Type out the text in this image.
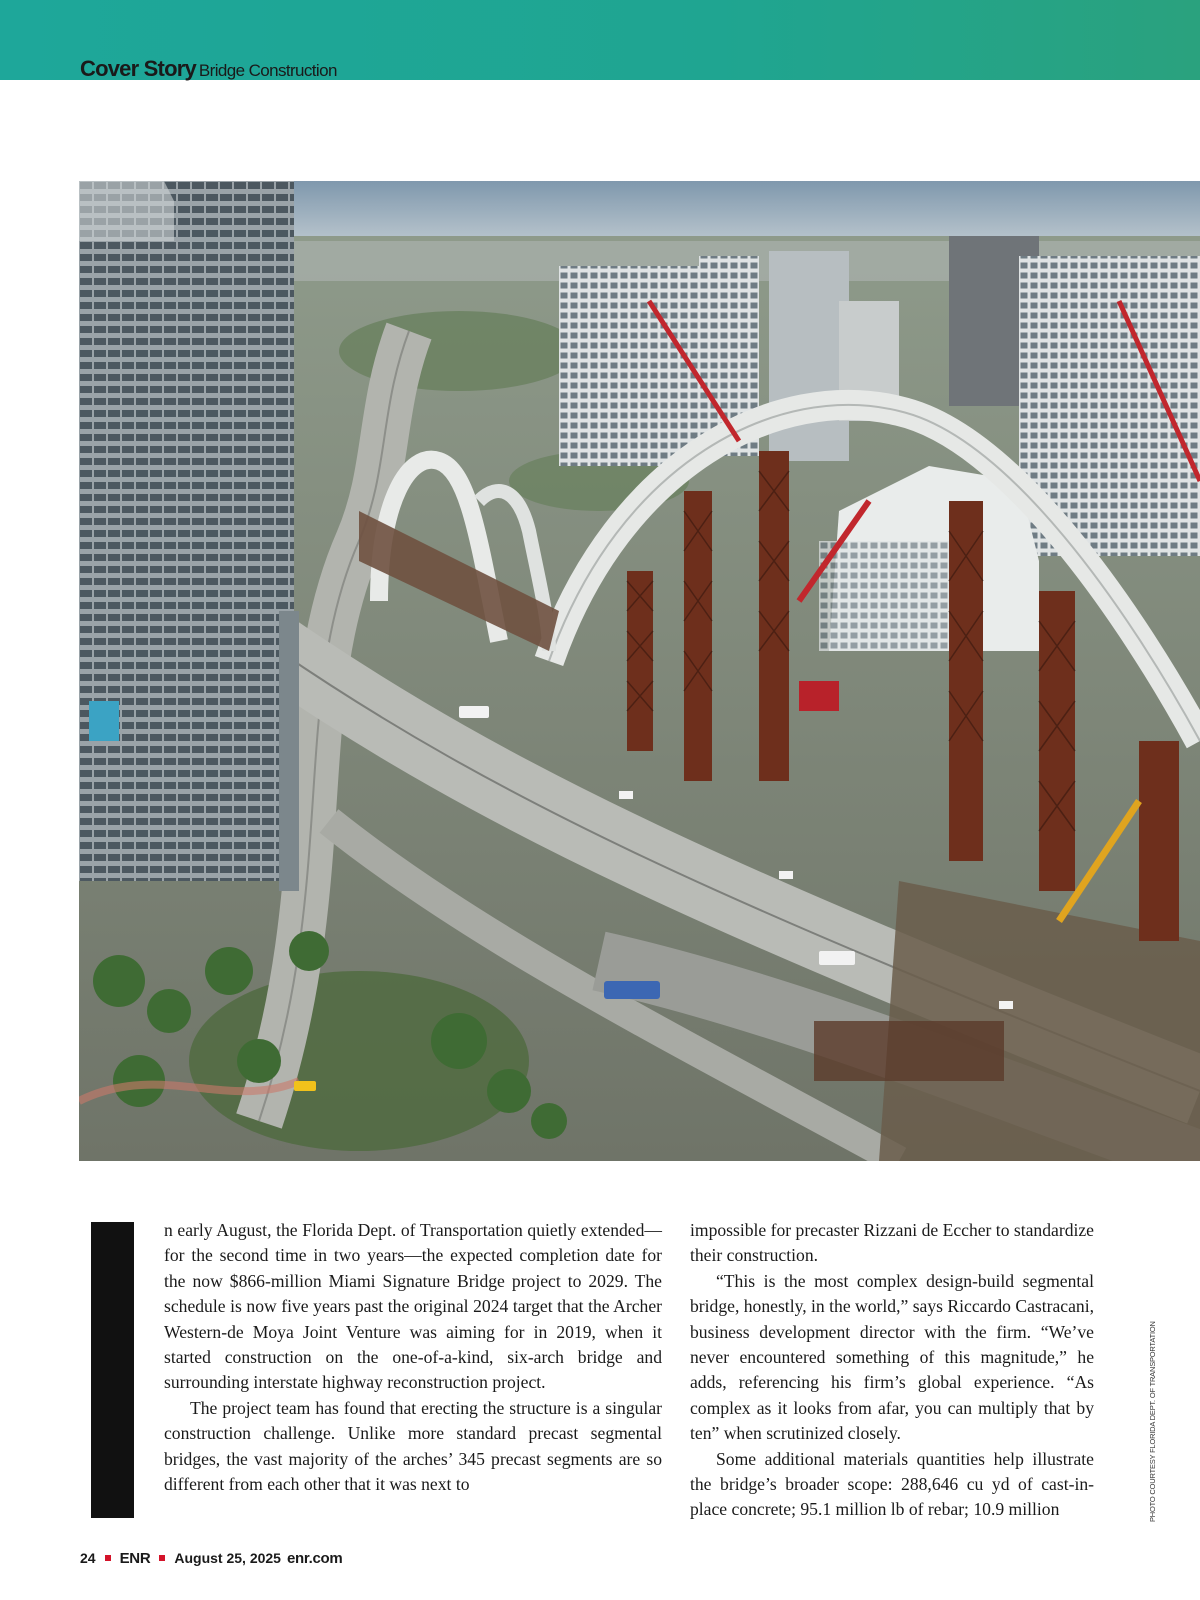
Cover Story Bridge Construction

n early August, the Florida Dept. of Transportation quietly extended—for the second time in two years—the expected completion date for the now $866-million Miami Signature Bridge project to 2029. The schedule is now five years past the original 2024 target that the Archer Western-de Moya Joint Venture was aiming for in 2019, when it started construction on the one-of-a-kind, six-arch bridge and surrounding interstate highway reconstruction project.

The project team has found that erecting the structure is a singular construction challenge. Unlike more standard precast segmental bridges, the vast majority of the arches’ 345 precast segments are so different from each other that it was next to

impossible for precaster Rizzani de Eccher to standardize their construction.

“This is the most complex design-build segmental bridge, honestly, in the world,” says Riccardo Castracani, business development director with the firm. “We’ve never encountered something of this magnitude,” he adds, referencing his firm’s global experience. “As complex as it looks from afar, you can multiply that by ten” when scrutinized closely.

Some additional materials quantities help illustrate the bridge’s broader scope: 288,646 cu yd of cast-in-place concrete; 95.1 million lb of rebar; 10.9 million	PHOTO COURTESY FLORIDA DEPT. OF TRANSPORTATION
24 ENR August 25, 2025 enr.com
